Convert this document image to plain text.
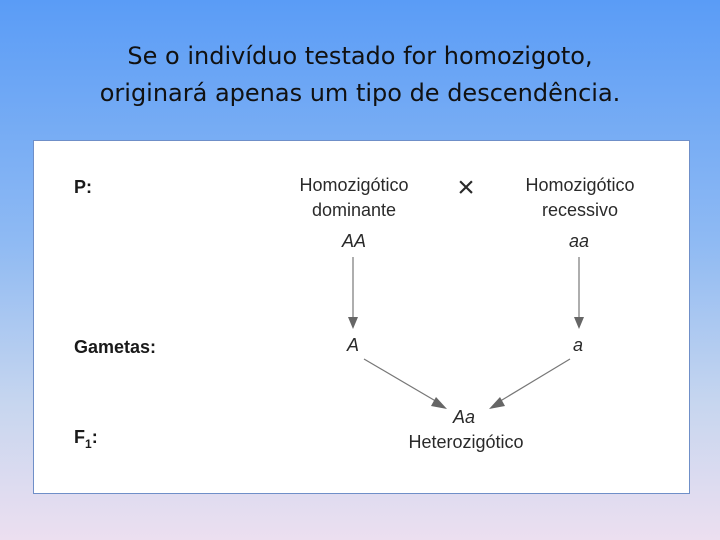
Se o indivíduo testado for homozigoto,
originará apenas um tipo de descendência.
P:
Gametas:
$F_1$:
Homozigótico
dominante
AA
×	Homozigótico
recessivo
aa
A	a
Aa
Heterozigótico
